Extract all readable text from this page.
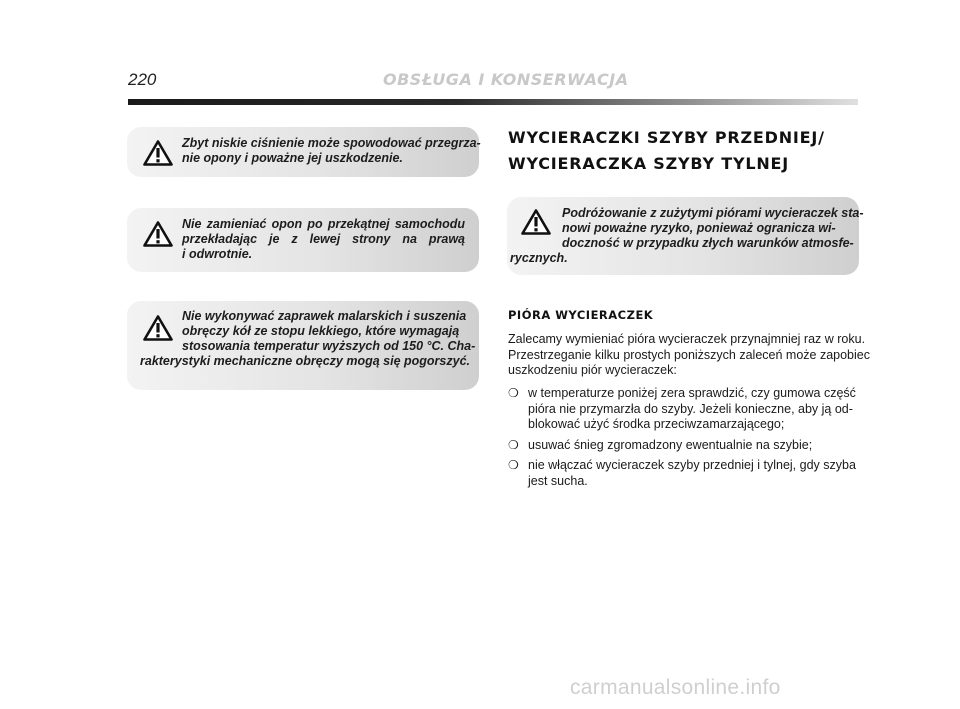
220	OBSŁUGA I KONSERWACJA

Zbyt niskie ciśnienie może spowodować przegrza-
nie opony i poważne jej uszkodzenie.

Nie zamieniać opon po przekątnej samochodu
przekładając je z lewej strony na prawą
i odwrotnie.

Nie wykonywać zaprawek malarskich i suszenia
obręczy kół ze stopu lekkiego, które wymagają
stosowania temperatur wyższych od 150 °C. Cha-

rakterystyki mechaniczne obręczy mogą się pogorszyć.

WYCIERACZKI SZYBY PRZEDNIEJ/
WYCIERACZKA SZYBY TYLNEJ

Podróżowanie z zużytymi piórami wycieraczek sta-
nowi poważne ryzyko, ponieważ ogranicza wi-
doczność w przypadku złych warunków atmosfe-

rycznych.

PIÓRA WYCIERACZEK

Zalecamy wymieniać pióra wycieraczek przynajmniej raz w roku.
Przestrzeganie kilku prostych poniższych zaleceń może zapobiec
uszkodzeniu piór wycieraczek:

❍ w temperaturze poniżej zera sprawdzić, czy gumowa część
pióra nie przymarzła do szyby. Jeżeli konieczne, aby ją od-
blokować użyć środka przeciwzamarzającego;
❍ usuwać śnieg zgromadzony ewentualnie na szybie;
❍ nie włączać wycieraczek szyby przedniej i tylnej, gdy szyba
jest sucha.
carmanualsonline.info
